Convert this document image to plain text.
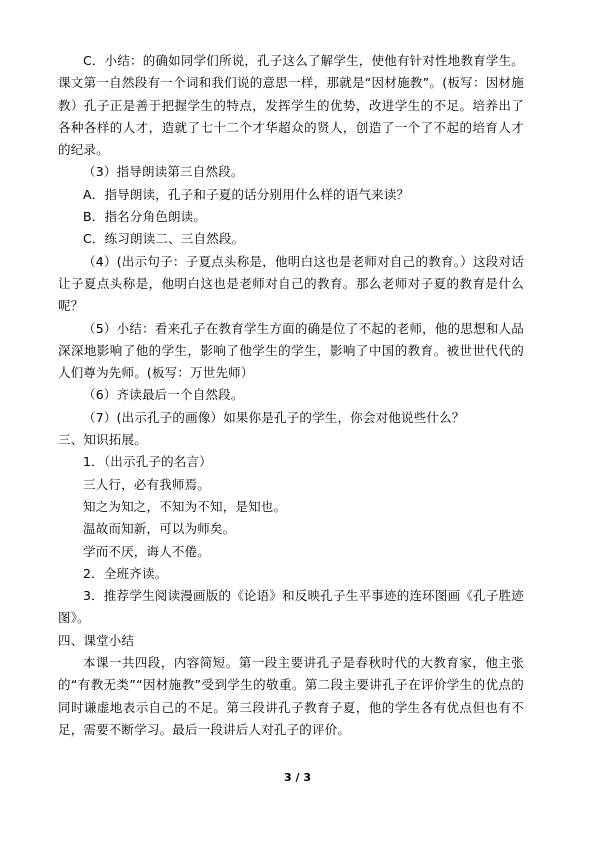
C．小结：的确如同学们所说，孔子这么了解学生，使他有针对性地教育学生。课文第一自然段有一个词和我们说的意思一样，那就是“因材施教”。(板写：因材施教）孔子正是善于把握学生的特点，发挥学生的优势，改进学生的不足。培养出了各种各样的人才，造就了七十二个才华超众的贤人，创造了一个了不起的培育人才的纪录。

（3）指导朗读第三自然段。

A．指导朗读，孔子和子夏的话分别用什么样的语气来读？

B．指名分角色朗读。

C．练习朗读二、三自然段。

（4）(出示句子：子夏点头称是，他明白这也是老师对自己的教育。）这段对话让子夏点头称是，他明白这也是老师对自己的教育。那么老师对子夏的教育是什么呢？

（5）小结：看来孔子在教育学生方面的确是位了不起的老师，他的思想和人品深深地影响了他的学生，影响了他学生的学生，影响了中国的教育。被世世代代的人们尊为先师。(板写：万世先师）

（6）齐读最后一个自然段。

（7）(出示孔子的画像）如果你是孔子的学生，你会对他说些什么？

三、知识拓展。

1．（出示孔子的名言）

三人行，必有我师焉。

知之为知之，不知为不知，是知也。

温故而知新，可以为师矣。

学而不厌，诲人不倦。

2．全班齐读。

3．推荐学生阅读漫画版的《论语》和反映孔子生平事迹的连环图画《孔子胜迹图》。

四、课堂小结

本课一共四段，内容简短。第一段主要讲孔子是春秋时代的大教育家，他主张的“有教无类”“因材施教”受到学生的敬重。第二段主要讲孔子在评价学生的优点的同时谦虚地表示自己的不足。第三段讲孔子教育子夏，他的学生各有优点但也有不足，需要不断学习。最后一段讲后人对孔子的评价。

3 / 3
